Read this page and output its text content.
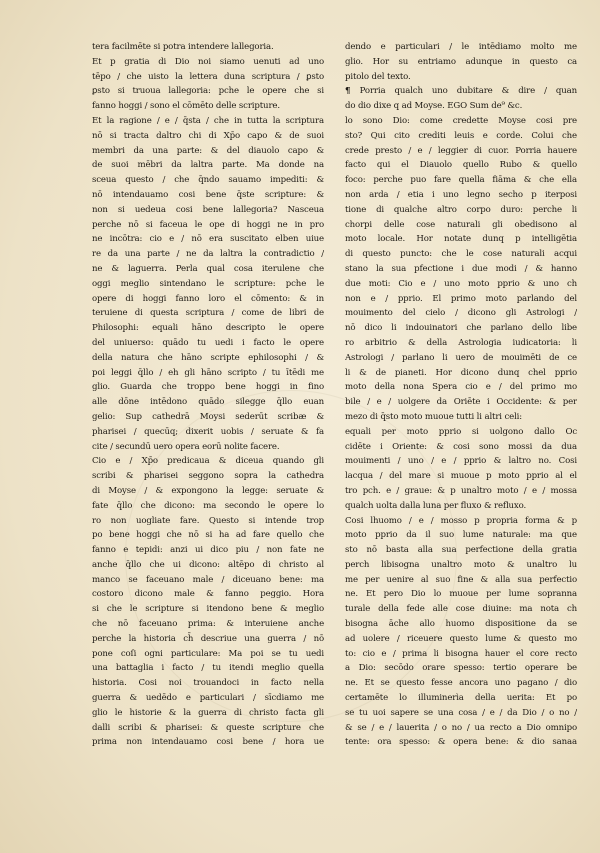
tera facilmēte si potra intendere lallegoria.
Et p gratia di Dio noi siamo uenuti ad uno
tēpo / che uisto la lettera duna scriptura / ꝑsto
ꝑsto si truoua lallegoria: pche le opere che si
fanno hoggi / sono el cōmēto delle scripture.
Et la ragione / e / q̄sta / che in tutta la scriptura
nō si tracta daltro chi di Xp̄o capo & de suoi
membri da una parte: & del diauolo capo &
de suoi mēbri da laltra parte. Ma donde na
sceua questo / che q̄ndo sauamo impediti: &
nō intendauamo cosi bene q̄ste scripture: &
non si uedeua cosi bene lallegoria? Nasceua
perche nō si faceua le ope di hoggi ne in pro
ne incōtra: cio e / nō era suscitato elben uiue
re da una parte / ne da laltra la contradictio /
ne & laguerra. Perla qual cosa iterulene che
oggi meglio sintendano le scripture: pche le
opere di hoggi fanno loro el cōmento: & in
teruiene di questa scriptura / come de libri de
Philosophi: equali hāno descripto le opere
del uniuerso: quādo tu uedi i facto le opere
della natura che hāno scripte ephilosophi / &
poi leggi q̄llo / eh gli hāno scripto / tu ītēdi me
glio. Guarda che troppo bene hoggi in fino
alle dōne intēdono quādo silegge q̄llo euan
gelio: Sup cathedrā Moysi sederūt scribæ &
pharisei / quecūq; dixerit uobis / seruate & fa
cite / secundū uero opera eorū nolite facere.
Cio e / Xp̄o predicaua & diceua quando gli
scribi & pharisei seggono sopra la cathedra
di Moyse / & expongono la legge: seruate &
fate q̄llo che dicono: ma secondo le opere lo
ro non uogliate fare. Questo si intende trop
po bene hoggi che nō si ha ad fare quello che
fanno e tepidi: anzi ui dico piu / non fate ne
anche q̄llo che ui dicono: altēpo di christo al
manco se faceuano male / diceuano bene: ma
costoro dicono male & fanno peggio. Hora
si che le scripture si itendono bene & meglio
che nō faceuano prima: & interuiene anche
perche la historia ch̄ descriue una guerra / nō
pone coſi ogni particulare: Ma poi se tu uedi
una battaglia i facto / tu itendi meglio quella
historia. Cosi noi trouandoci in facto nella
guerra & uedēdo e particulari / sīcdiamo me
glio le historie & la guerra di christo facta gli
dalli scribi & pharisei: & queste scripture che
prima non intendauamo cosi bene / hora ue
dendo e particulari / le intēdiamo molto me
glio. Hor su entriamo adunque in questo ca
pitolo del texto.
¶ Porria qualch uno dubitare & dire / quan
do dio dixe q ad Moyse. EGO Sum de⁹ &c.
lo sono Dio: come credette Moyse cosi pre
sto? Qui cito crediti leuis e corde. Colui che
crede presto / e / leggier di cuor. Porria hauere
facto qui el Diauolo quello Rubo & quello
foco: perche puo fare quella fiāma & che ella
non arda / etia i uno legno secho p iterposi
tione di qualche altro corpo duro: perche li
chorpi delle cose naturali gli obedisono al
moto locale. Hor notate dunq p intelligētia
di questo puncto: che le cose naturali acqui
stano la sua pfectione i due modi / & hanno
due moti: Cio e / uno moto pprio & uno ch
non e / pprio. El primo moto parlando del
mouimento del cielo / dicono gli Astrologi /
nō dico li indouinatori che parlano dello libe
ro arbitrio & della Astrologia iudicatoria: li
Astrologi / parlano li uero de mouimēti de ce
li & de pianeti. Hor dicono dunq chel pprio
moto della nona Spera cio e / del primo mo
bile / e / uolgere da Oriēte i Occidente: & per
mezo di q̄sto moto muoue tutti li altri celi:
equali per moto pprio si uolgono dallo Oc
cidēte i Oriente: & cosi sono mossi da dua
mouimenti / uno / e / pprio & laltro no. Cosi
lacqua / del mare si muoue p moto pprio al el
tro pch. e / graue: & p unaltro moto / e / mossa
qualch uolta dalla luna per fluxo & refluxo.
Cosi lhuomo / e / mosso p propria forma & p
moto pprio da il suo lume naturale: ma que
sto nō basta alla sua perfectione della gratia
perch libisogna unaltro moto & unaltro lu
me per uenire al suo fine & alla sua perfectio
ne. Et pero Dio lo muoue per lume sopranna
turale della fede alle cose diuine: ma nota ch
bisogna āche allo huomo dispositione da se
ad uolere / riceuere questo lume & questo mo
to: cio e / prima li bisogna hauer el core recto
a Dio: secōdo orare spesso: tertio operare be
ne. Et se questo fesse ancora uno pagano / dio
certamēte lo illuminerìa della uerita: Et po
se tu uoi sapere se una cosa / e / da Dio / o no /
& se / e / lauerita / o no / ua recto a Dio omnipo
tente: ora spesso: & opera bene: & dio sanaa
